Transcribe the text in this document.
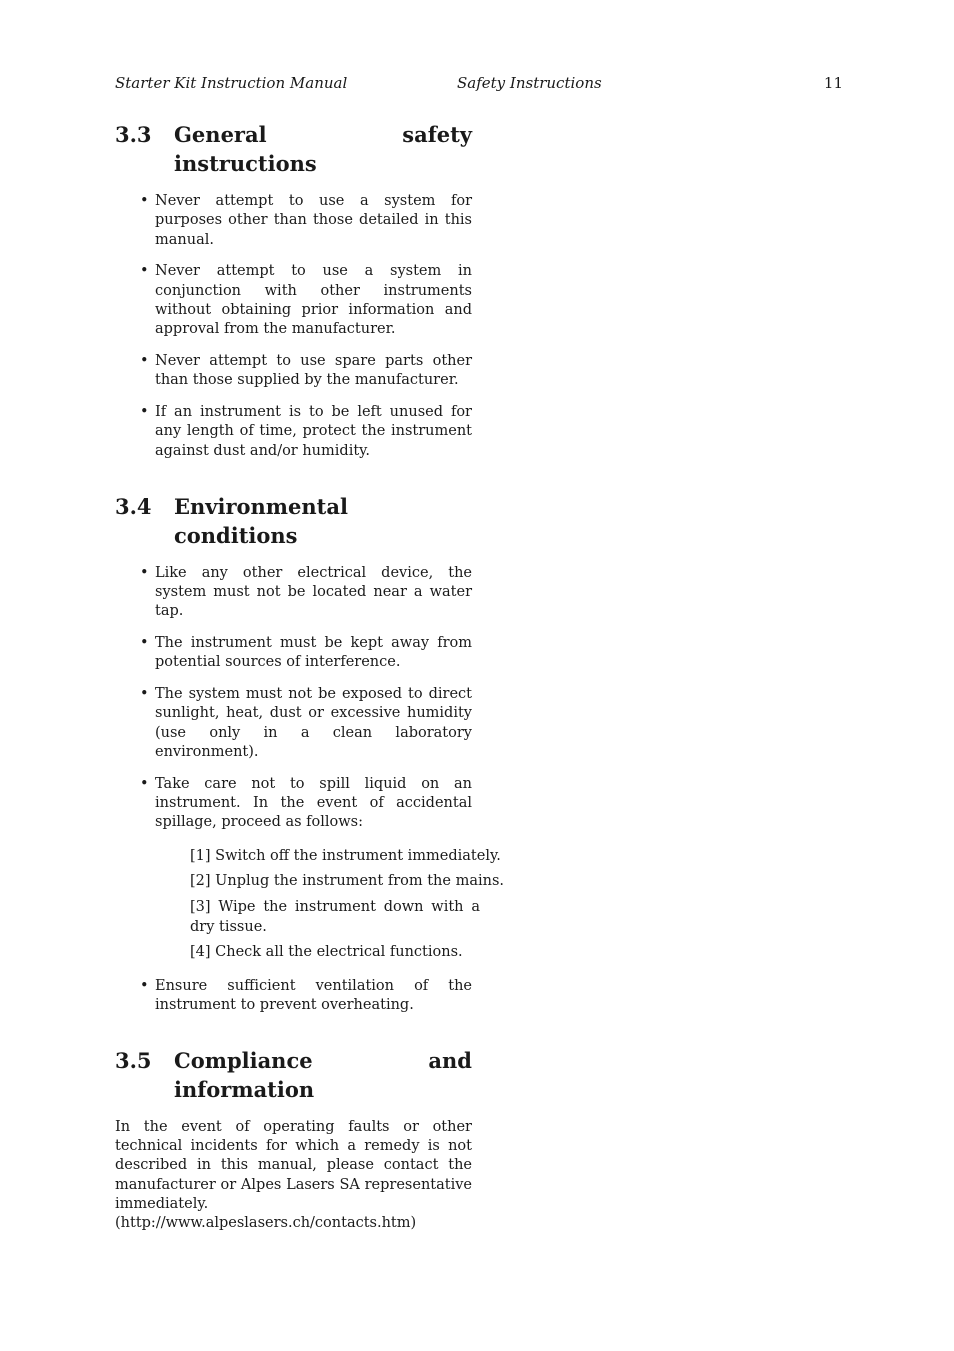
Starter Kit Instruction Manual	Safety Instructions	11
3.3	General safety instructions
• Never attempt to use a system for purposes other than those detailed in this manual.
• Never attempt to use a system in conjunction with other instruments without obtaining prior information and approval from the manufacturer.
• Never attempt to use spare parts other than those supplied by the manufacturer.
• If an instrument is to be left unused for any length of time, protect the instrument against dust and/or humidity.
3.4	Environmental conditions
• Like any other electrical device, the system must not be located near a water tap.
• The instrument must be kept away from potential sources of interference.
• The system must not be exposed to direct sunlight, heat, dust or excessive humidity (use only in a clean laboratory environment).
• Take care not to spill liquid on an instrument. In the event of accidental spillage, proceed as follows:
[1] Switch off the instrument immediately.
[2] Unplug the instrument from the mains.
[3] Wipe the instrument down with a dry tissue.
[4] Check all the electrical functions.
• Ensure sufficient ventilation of the instrument to prevent overheating.
3.5	Compliance and information

In the event of operating faults or other technical incidents for which a remedy is not described in this manual, please contact the manufacturer or Alpes Lasers SA representative immediately.
(http://www.alpeslasers.ch/contacts.htm)
